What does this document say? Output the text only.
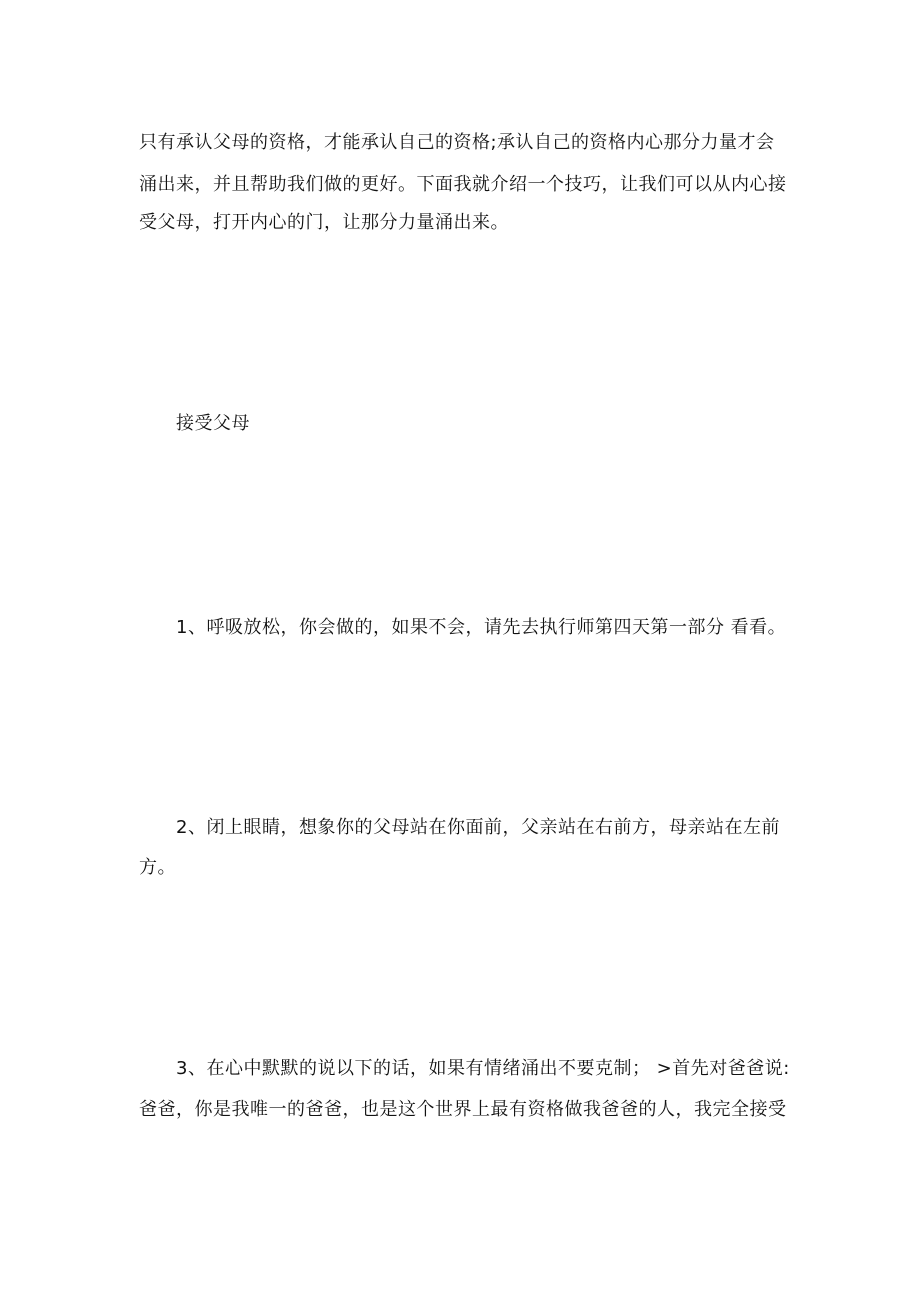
只有承认父母的资格，才能承认自己的资格;承认自己的资格内心那分力量才会
涌出来，并且帮助我们做的更好。下面我就介绍一个技巧，让我们可以从内心接
受父母，打开内心的门，让那分力量涌出来。
接受父母
1、呼吸放松，你会做的，如果不会，请先去执行师第四天第一部分 看看。
2、闭上眼睛，想象你的父母站在你面前，父亲站在右前方，母亲站在左前
方。
3、在心中默默的说以下的话，如果有情绪涌出不要克制； >首先对爸爸说:
爸爸，你是我唯一的爸爸，也是这个世界上最有资格做我爸爸的人，我完全接受
